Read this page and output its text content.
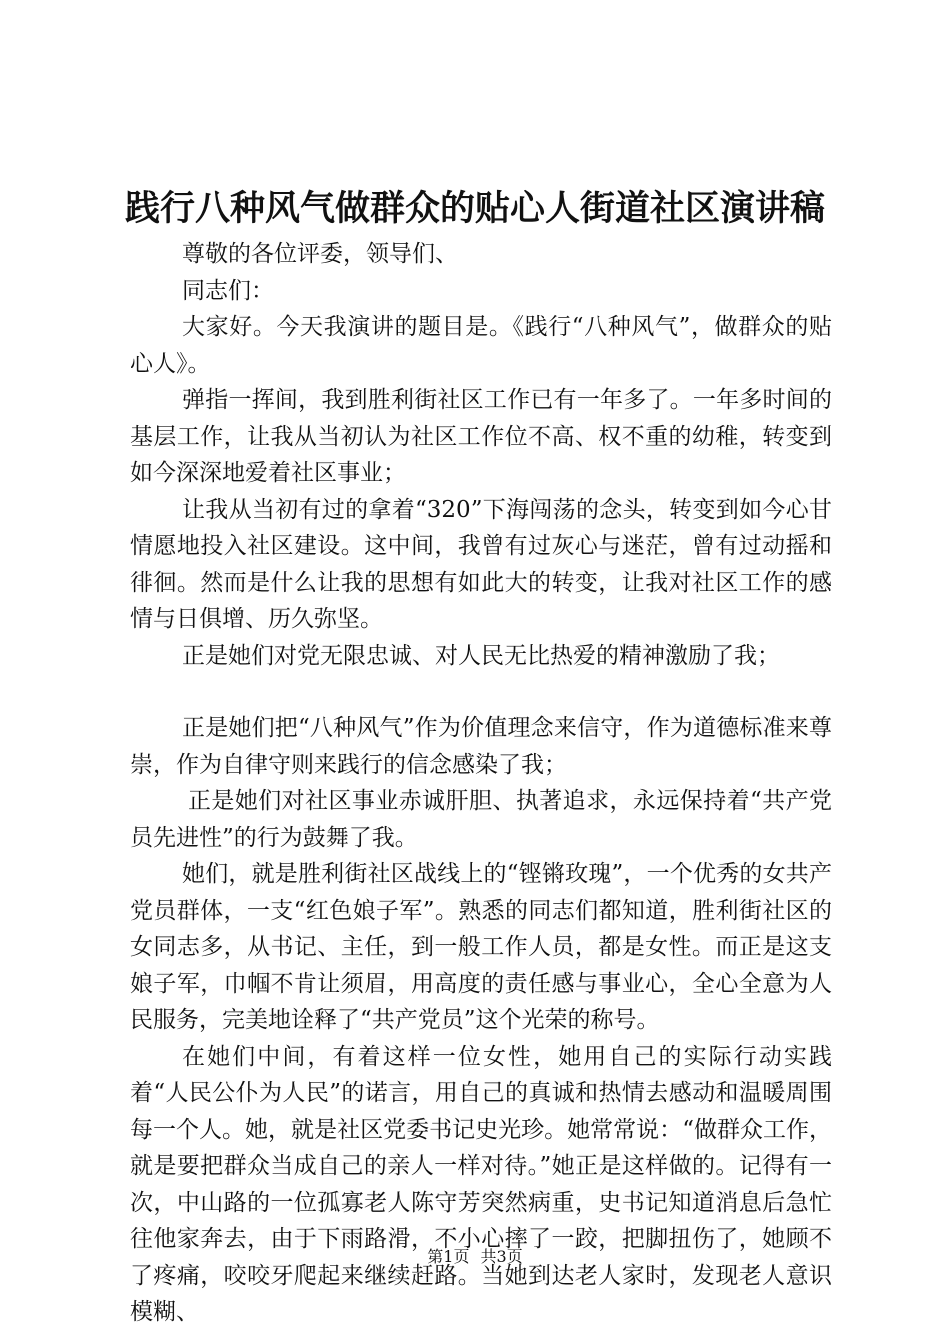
践行八种风气做群众的贴心人街道社区演讲稿

尊敬的各位评委，领导们、

同志们：

大家好。今天我演讲的题目是。《践行“八种风气”，做群众的贴心人》。

弹指一挥间，我到胜利街社区工作已有一年多了。一年多时间的基层工作，让我从当初认为社区工作位不高、权不重的幼稚，转变到如今深深地爱着社区事业；

让我从当初有过的拿着“320”下海闯荡的念头，转变到如今心甘情愿地投入社区建设。这中间，我曾有过灰心与迷茫，曾有过动摇和徘徊。然而是什么让我的思想有如此大的转变，让我对社区工作的感情与日俱增、历久弥坚。

正是她们对党无限忠诚、对人民无比热爱的精神激励了我；

正是她们把“八种风气”作为价值理念来信守，作为道德标准来尊崇，作为自律守则来践行的信念感染了我；

正是她们对社区事业赤诚肝胆、执著追求，永远保持着“共产党员先进性”的行为鼓舞了我。

她们，就是胜利街社区战线上的“铿锵玫瑰”，一个优秀的女共产党员群体，一支“红色娘子军”。熟悉的同志们都知道，胜利街社区的女同志多，从书记、主任，到一般工作人员，都是女性。而正是这支娘子军，巾帼不肯让须眉，用高度的责任感与事业心，全心全意为人民服务，完美地诠释了“共产党员”这个光荣的称号。

在她们中间，有着这样一位女性，她用自己的实际行动实践着“人民公仆为人民”的诺言，用自己的真诚和热情去感动和温暖周围每一个人。她，就是社区党委书记史光珍。她常常说：“做群众工作，就是要把群众当成自己的亲人一样对待。”她正是这样做的。记得有一次，中山路的一位孤寡老人陈守芳突然病重，史书记知道消息后急忙往他家奔去，由于下雨路滑，不小心摔了一跤，把脚扭伤了，她顾不了疼痛，咬咬牙爬起来继续赶路。当她到达老人家时，发现老人意识模糊、

第1页 共3页
